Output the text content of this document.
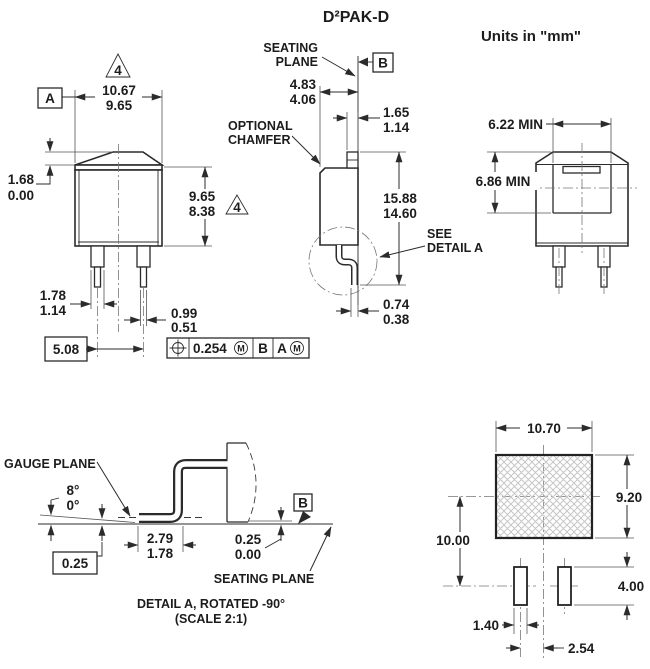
D²PAK-D
Units in "mm"
A
10.67
9.65
4
1.68
0.00	9.65
8.38 4
1.78
1.14	0.99
0.51
5.08	0.254 M B A M
SEATING
PLANE	B
4.83
4.06
OPTIONAL
CHAMFER
1.65
1.14
15.88
14.60
SEE
DETAIL A
0.74
0.38
6.22 MIN
6.86 MIN
GAUGE PLANE
8°
0°
0.25
2.79
1.78
0.25
0.00
B
SEATING PLANE
DETAIL A, ROTATED -90°
(SCALE 2:1)
10.70
9.20
10.00
4.00
1.40
2.54
